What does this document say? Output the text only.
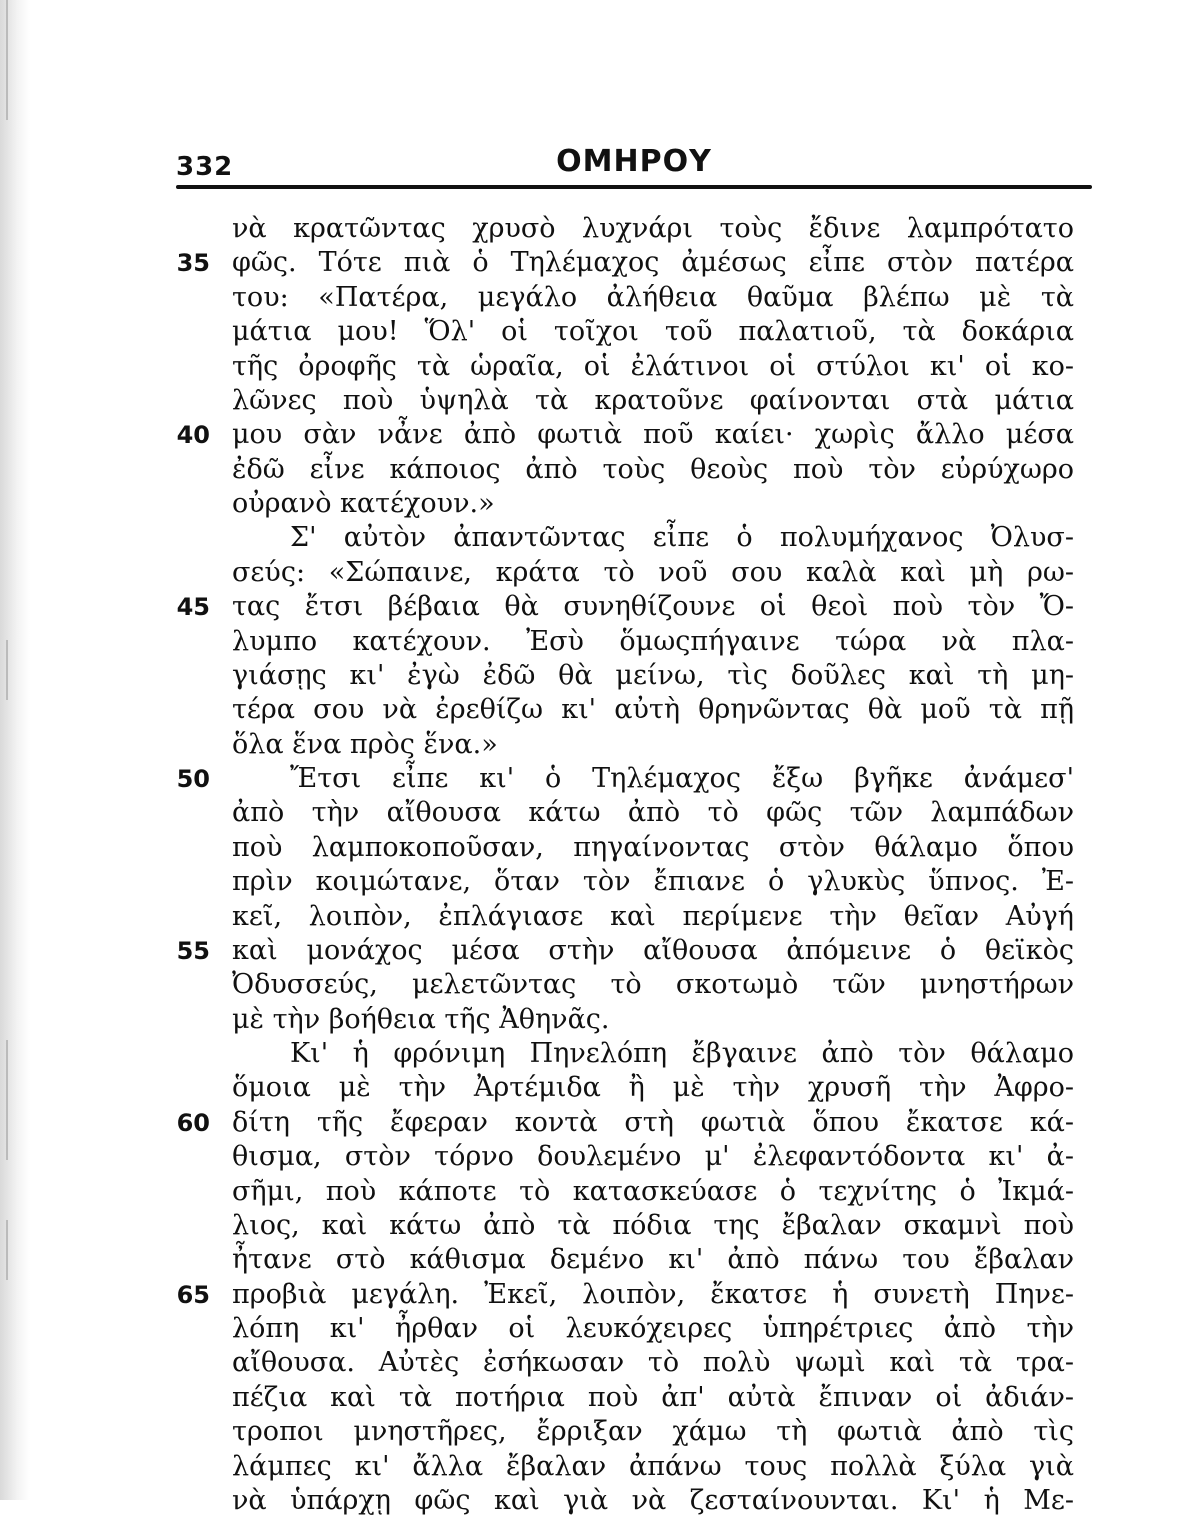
332	ΟΜΗΡΟΥ
νὰ κρατῶντας χρυσὸ λυχνάρι τοὺς ἔδινε λαμπρότατο
φῶς. Τότε πιὰ ὁ Τηλέμαχος ἀμέσως εἶπε στὸν πατέρα
του: «Πατέρα, μεγάλο ἀλήθεια θαῦμα βλέπω μὲ τὰ
μάτια μου! Ὅλ' οἱ τοῖχοι τοῦ παλατιοῦ, τὰ δοκάρια
τῆς ὀροφῆς τὰ ὡραῖα, οἱ ἐλάτινοι οἱ στύλοι κι' οἱ κο-
λῶνες ποὺ ὑψηλὰ τὰ κρατοῦνε φαίνονται στὰ μάτια
μου σὰν νἆνε ἀπὸ φωτιὰ ποῦ καίει· χωρὶς ἄλλο μέσα
ἐδῶ εἶνε κάποιος ἀπὸ τοὺς θεοὺς ποὺ τὸν εὐρύχωρο
οὐρανὸ κατέχουν.»
Σ' αὐτὸν ἀπαντῶντας εἶπε ὁ πολυμήχανος Ὀλυσ-
σεύς: «Σώπαινε, κράτα τὸ νοῦ σου καλὰ καὶ μὴ ρω-
τας ἔτσι βέβαια θὰ συνηθίζουνε οἱ θεοὶ ποὺ τὸν Ὄ-
λυμπο κατέχουν. Ἐσὺ ὅμωςπήγαινε τώρα νὰ πλα-
γιάσῃς κι' ἐγὼ ἐδῶ θὰ μείνω, τὶς δοῦλες καὶ τὴ μη-
τέρα σου νὰ ἐρεθίζω κι' αὐτὴ θρηνῶντας θὰ μοῦ τὰ πῇ
ὅλα ἕνα πρὸς ἕνα.»
Ἔτσι εἶπε κι' ὁ Τηλέμαχος ἔξω βγῆκε ἀνάμεσ'
ἀπὸ τὴν αἴθουσα κάτω ἀπὸ τὸ φῶς τῶν λαμπάδων
ποὺ λαμποκοποῦσαν, πηγαίνοντας στὸν θάλαμο ὅπου
πρὶν κοιμώτανε, ὅταν τὸν ἔπιανε ὁ γλυκὺς ὕπνος. Ἐ-
κεῖ, λοιπὸν, ἐπλάγιασε καὶ περίμενε τὴν θεῖαν Αὐγή
καὶ μονάχος μέσα στὴν αἴθουσα ἀπόμεινε ὁ θεϊκὸς
Ὀδυσσεύς, μελετῶντας τὸ σκοτωμὸ τῶν μνηστήρων
μὲ τὴν βοήθεια τῆς Ἀθηνᾶς.
Κι' ἡ φρόνιμη Πηνελόπη ἔβγαινε ἀπὸ τὸν θάλαμο
ὅμοια μὲ τὴν Ἀρτέμιδα ἢ μὲ τὴν χρυσῆ τὴν Ἀφρο-
δίτη τῆς ἔφεραν κοντὰ στὴ φωτιὰ ὅπου ἔκατσε κά-
θισμα, στὸν τόρνο δουλεμένο μ' ἐλεφαντόδοντα κι' ἀ-
σῆμι, ποὺ κάποτε τὸ κατασκεύασε ὁ τεχνίτης ὁ Ἰκμά-
λιος, καὶ κάτω ἀπὸ τὰ πόδια της ἔβαλαν σκαμνὶ ποὺ
ἦτανε στὸ κάθισμα δεμένο κι' ἀπὸ πάνω του ἔβαλαν
προβιὰ μεγάλη. Ἐκεῖ, λοιπὸν, ἔκατσε ἡ συνετὴ Πηνε-
λόπη κι' ἦρθαν οἱ λευκόχειρες ὑπηρέτριες ἀπὸ τὴν
αἴθουσα. Αὐτὲς ἐσήκωσαν τὸ πολὺ ψωμὶ καὶ τὰ τρα-
πέζια καὶ τὰ ποτήρια ποὺ ἀπ' αὐτὰ ἔπιναν οἱ ἀδιάν-
τροποι μνηστῆρες, ἔρριξαν χάμω τὴ φωτιὰ ἀπὸ τὶς
λάμπες κι' ἄλλα ἔβαλαν ἀπάνω τους πολλὰ ξύλα γιὰ
νὰ ὑπάρχῃ φῶς καὶ γιὰ νὰ ζεσταίνουνται. Κι' ἡ Με-
35
40
45
50
55
60
65
